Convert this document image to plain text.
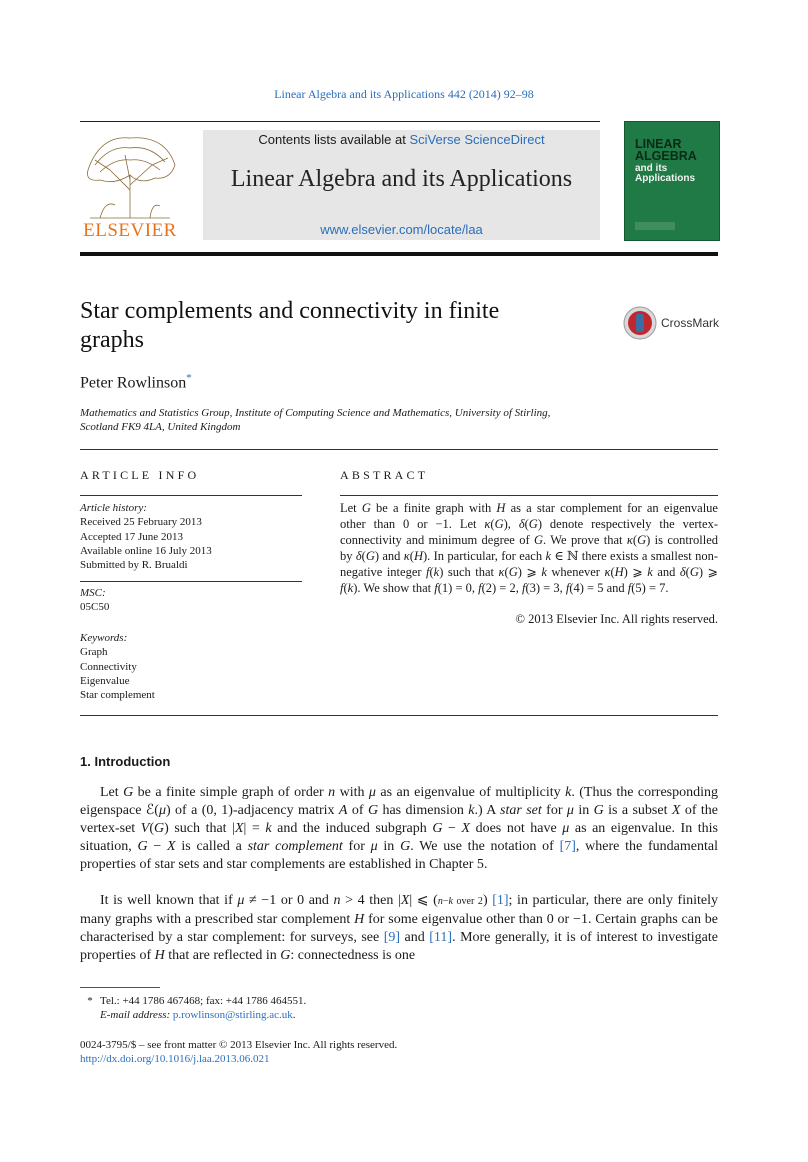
Linear Algebra and its Applications 442 (2014) 92–98
ELSEVIER
Contents lists available at SciVerse ScienceDirect
Linear Algebra and its Applications
www.elsevier.com/locate/laa
LINEAR
ALGEBRA
and its
Applications
Star complements and connectivity in finite graphs
CrossMark
Peter Rowlinson*
Mathematics and Statistics Group, Institute of Computing Science and Mathematics, University of Stirling,
Scotland FK9 4LA, United Kingdom
ARTICLE INFO
Article history:
Received 25 February 2013
Accepted 17 June 2013
Available online 16 July 2013
Submitted by R. Brualdi
MSC:
05C50
Keywords:
Graph
Connectivity
Eigenvalue
Star complement
ABSTRACT
Let G be a finite graph with H as a star complement for an eigenvalue other than 0 or −1. Let κ(G), δ(G) denote respectively the vertex-connectivity and minimum degree of G. We prove that κ(G) is controlled by δ(G) and κ(H). In particular, for each k ∈ ℕ there exists a smallest non-negative integer f(k) such that κ(G) ⩾ k whenever κ(H) ⩾ k and δ(G) ⩾ f(k). We show that f(1) = 0, f(2) = 2, f(3) = 3, f(4) = 5 and f(5) = 7.
© 2013 Elsevier Inc. All rights reserved.
1. Introduction
Let G be a finite simple graph of order n with μ as an eigenvalue of multiplicity k. (Thus the corresponding eigenspace ℰ(μ) of a (0, 1)-adjacency matrix A of G has dimension k.) A star set for μ in G is a subset X of the vertex-set V(G) such that |X| = k and the induced subgraph G − X does not have μ as an eigenvalue. In this situation, G − X is called a star complement for μ in G. We use the notation of [7], where the fundamental properties of star sets and star complements are established in Chapter 5.
It is well known that if μ ≠ −1 or 0 and n > 4 then |X| ⩽ (n−k over 2) [1]; in particular, there are only finitely many graphs with a prescribed star complement H for some eigenvalue other than 0 or −1. Certain graphs can be characterised by a star complement: for surveys, see [9] and [11]. More generally, it is of interest to investigate properties of H that are reflected in G: connectedness is one
* Tel.: +44 1786 467468; fax: +44 1786 464551.
E-mail address: p.rowlinson@stirling.ac.uk.
0024-3795/$ – see front matter © 2013 Elsevier Inc. All rights reserved.
http://dx.doi.org/10.1016/j.laa.2013.06.021
